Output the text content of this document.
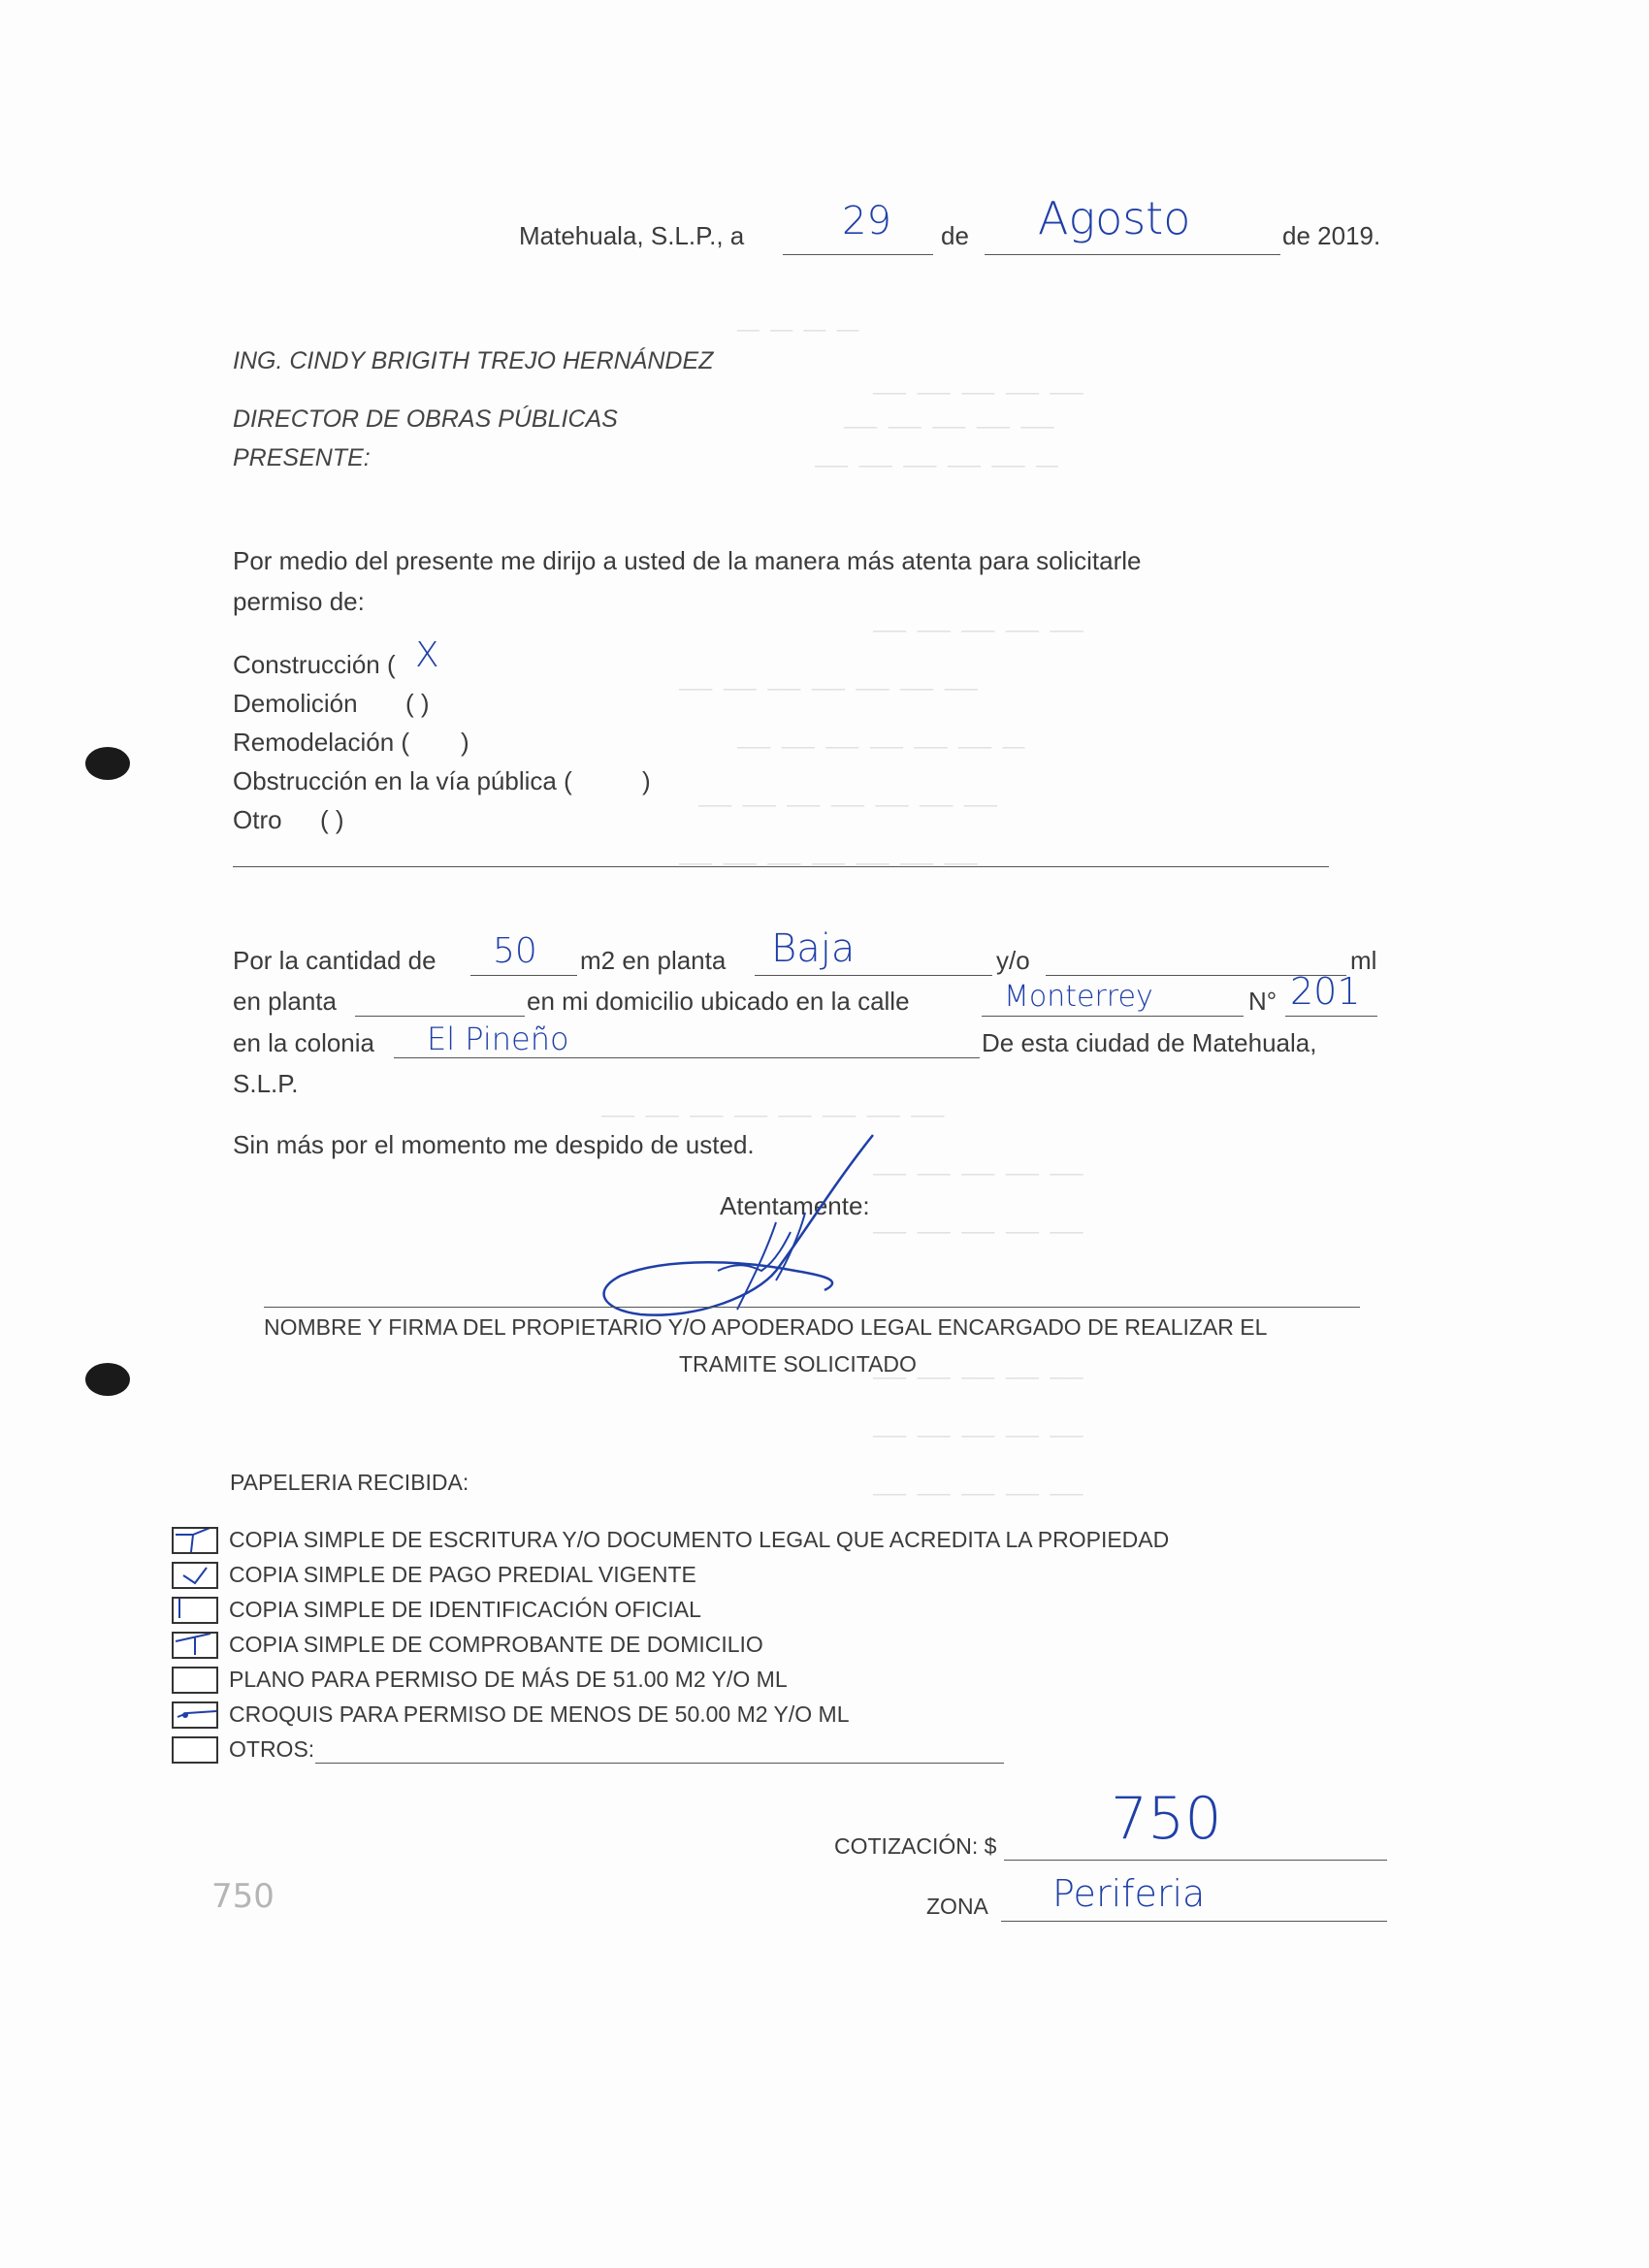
—— —— —— ——
——— ——— ——— ——— ———
——— ——— ——— ——— ———
——— ——— ——— ——— ——— ——
——— ——— ——— ——— ———
——— ——— ——— ——— ——— ——— ———
——— ——— ——— ——— ——— ——— ——
——— ——— ——— ——— ——— ——— ———
——— ——— ——— ——— ——— ——— ———
——— ——— ——— ——— ——— ——— ——— ———
——— ——— ——— ——— ———
——— ——— ——— ——— ———
——— ——— ——— ——— ———
——— ——— ——— ——— ———
——— ——— ——— ——— ———
Matehuala, S.L.P., a	29 de Agosto	de 2019.
ING. CINDY BRIGITH TREJO HERNÁNDEZ
DIRECTOR DE OBRAS PÚBLICAS
PRESENTE:
Por medio del presente me dirijo a usted de la manera más atenta para solicitarle
permiso de:
Construcción ( X
Demolición ( )
Remodelación ( )
Obstrucción en la vía pública (	)
Otro ( )
Por la cantidad de 50 m2 en planta Baja	y/o	ml
en planta	en mi domicilio ubicado en la calle	Monterrey	N° 201
en la colonia El Pineño	De esta ciudad de Matehuala,
S.L.P.
Sin más por el momento me despido de usted.
Atentamente:
NOMBRE Y FIRMA DEL PROPIETARIO Y/O APODERADO LEGAL ENCARGADO DE REALIZAR EL
TRAMITE SOLICITADO
PAPELERIA RECIBIDA:
COPIA SIMPLE DE ESCRITURA Y/O DOCUMENTO LEGAL QUE ACREDITA LA PROPIEDAD
COPIA SIMPLE DE PAGO PREDIAL VIGENTE
COPIA SIMPLE DE IDENTIFICACIÓN OFICIAL
COPIA SIMPLE DE COMPROBANTE DE DOMICILIO
PLANO PARA PERMISO DE MÁS DE 51.00 M2 Y/O ML
CROQUIS PARA PERMISO DE MENOS DE 50.00 M2 Y/O ML
OTROS:
COTIZACIÓN: $ 750
ZONA Periferia
750
